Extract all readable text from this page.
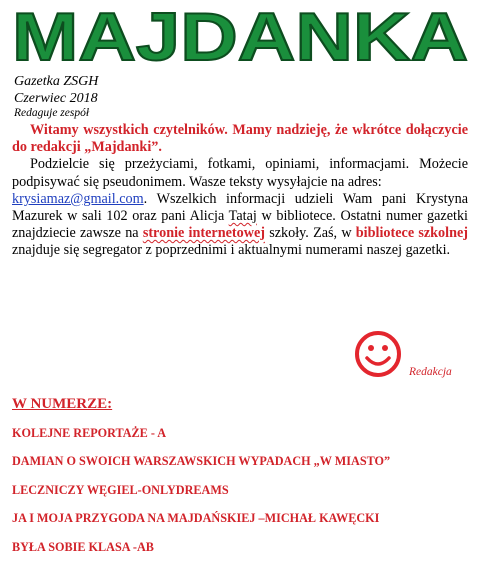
MAJDANKA
Gazetka ZSGH
Czerwiec 2018
Redaguje zespół

Witamy wszystkich czytelników. Mamy nadzieję, że wkrótce dołączycie do redakcji „Majdanki”.

Podzielcie się przeżyciami, fotkami, opiniami, informacjami. Możecie podpisywać się pseudonimem. Wasze teksty wysyłajcie na adres:

krysiamaz@gmail.com. Wszelkich informacji udzieli Wam pani Krystyna Mazurek w sali 102 oraz pani Alicja Tataj w bibliotece. Ostatni numer gazetki znajdziecie zawsze na stronie internetowej szkoły. Zaś, w bibliotece szkolnej znajduje się segregator z poprzednimi i aktualnymi numerami naszej gazetki.

Redakcja
W NUMERZE:
KOLEJNE REPORTAŻE - A
DAMIAN O SWOICH WARSZAWSKICH WYPADACH „W MIASTO”
LECZNICZY WĘGIEL-ONLYDREAMS
JA I MOJA PRZYGODA NA MAJDAŃSKIEJ –MICHAŁ KAWĘCKI
BYŁA SOBIE KLASA -AB
